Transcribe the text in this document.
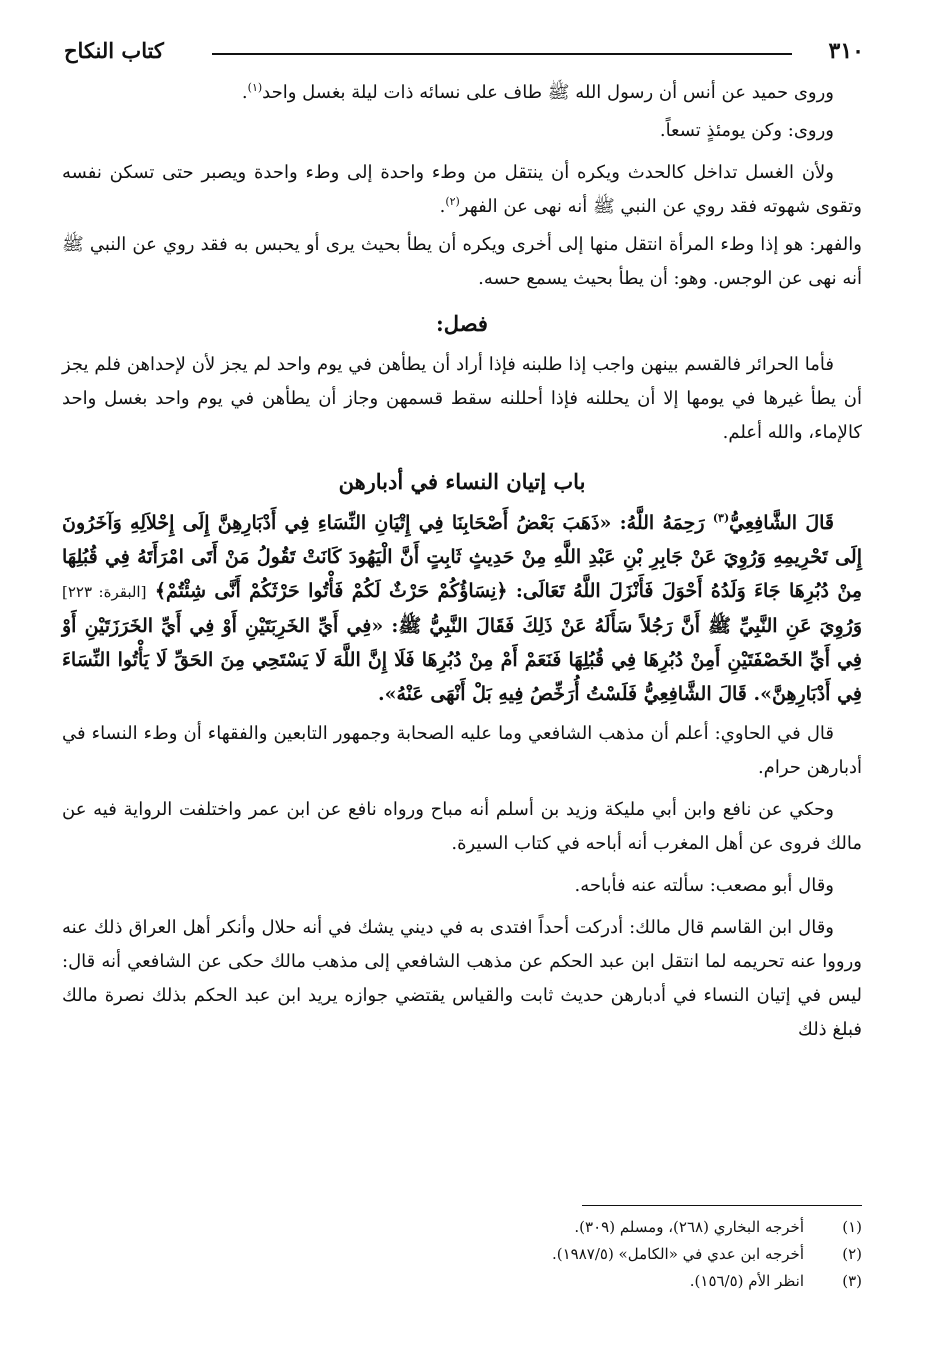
٣١٠
كتاب النكاح

وروى حميد عن أنس أن رسول الله ﷺ طاف على نسائه ذات ليلة بغسل واحد$^{(١)}$.

وروى: وكن يومئذٍ تسعاً.

ولأن الغسل تداخل كالحدث ويكره أن ينتقل من وطء واحدة إلى وطء واحدة ويصبر حتى تسكن نفسه وتقوى شهوته فقد روي عن النبي ﷺ أنه نهى عن الفهر$^{(٢)}$.

والفهر: هو إذا وطء المرأة انتقل منها إلى أخرى ويكره أن يطأ بحيث يرى أو يحبس به فقد روي عن النبي ﷺ أنه نهى عن الوجس. وهو: أن يطأ بحيث يسمع حسه.

فصل:

فأما الحرائر فالقسم بينهن واجب إذا طلبنه فإذا أراد أن يطأهن في يوم واحد لم يجز لأن لإحداهن فلم يجز أن يطأ غيرها في يومها إلا أن يحللنه فإذا أحللنه سقط قسمهن وجاز أن يطأهن في يوم واحد بغسل واحد كالإماء، والله أعلم.

باب إتيان النساء في أدبارهن

قَالَ الشَّافِعِيُّ$^{(٣)}$ رَحِمَهُ اللَّهُ: «ذَهَبَ بَعْضُ أَصْحَابِنَا فِي إِتْيَانِ النِّسَاءِ فِي أَدْبَارِهِنَّ إِلَى إِحْلاَلِهِ وَآخَرُونَ إِلَى تَحْرِيمِهِ وَرُوِيَ عَنْ جَابِرِ بْنِ عَبْدِ اللَّهِ مِنْ حَدِيثٍ ثَابِتٍ أَنَّ الْيَهُودَ كَانَتْ تَقُولُ مَنْ أَتَى امْرَأَتَهُ فِي قُبُلِهَا مِنْ دُبُرِهَا جَاءَ وَلَدُهُ أَحْوَلَ فَأَنْزَلَ اللَّهُ تَعَالَى: ﴿نِسَاؤُكُمْ حَرْثٌ لَكُمْ فَأْتُوا حَرْثَكُمْ أَنَّى شِئْتُمْ﴾ [البقرة: ٢٢٣] وَرُوِيَ عَنِ النَّبِيِّ ﷺ أَنَّ رَجُلاً سَأَلَهُ عَنْ ذَلِكَ فَقَالَ النَّبِيُّ ﷺ: «فِي أَيِّ الخَرِبَتَيْنِ أَوْ فِي أَيِّ الخَرَزَتَيْنِ أَوْ فِي أَيِّ الخَصْفَتَيْنِ أَمِنْ دُبُرِهَا فِي قُبُلِهَا فَنَعَمْ أَمْ مِنْ دُبُرِهَا فَلَا إِنَّ اللَّهَ لَا يَسْتَحِي مِنَ الحَقِّ لَا يَأْتُوا النِّسَاءَ فِي أَدْبَارِهِنَّ». قَالَ الشَّافِعِيُّ فَلَسْتُ أُرَخِّصُ فِيهِ بَلْ أَنْهَى عَنْهُ».

قال في الحاوي: أعلم أن مذهب الشافعي وما عليه الصحابة وجمهور التابعين والفقهاء أن وطء النساء في أدبارهن حرام.

وحكي عن نافع وابن أبي مليكة وزيد بن أسلم أنه مباح ورواه نافع عن ابن عمر واختلفت الرواية فيه عن مالك فروى عن أهل المغرب أنه أباحه في كتاب السيرة.

وقال أبو مصعب: سألته عنه فأباحه.

وقال ابن القاسم قال مالك: أدركت أحداً افتدى به في ديني يشك في أنه حلال وأنكر أهل العراق ذلك عنه ورووا عنه تحريمه لما انتقل ابن عبد الحكم عن مذهب الشافعي إلى مذهب مالك حكى عن الشافعي أنه قال: ليس في إتيان النساء في أدبارهن حديث ثابت والقياس يقتضي جوازه يريد ابن عبد الحكم بذلك نصرة مالك فبلغ ذلك

(١)أخرجه البخاري (٢٦٨)، ومسلم (٣٠٩).
(٢)أخرجه ابن عدي في «الكامل» (١٩٨٧/٥).
(٣)انظر الأم (١٥٦/٥).
